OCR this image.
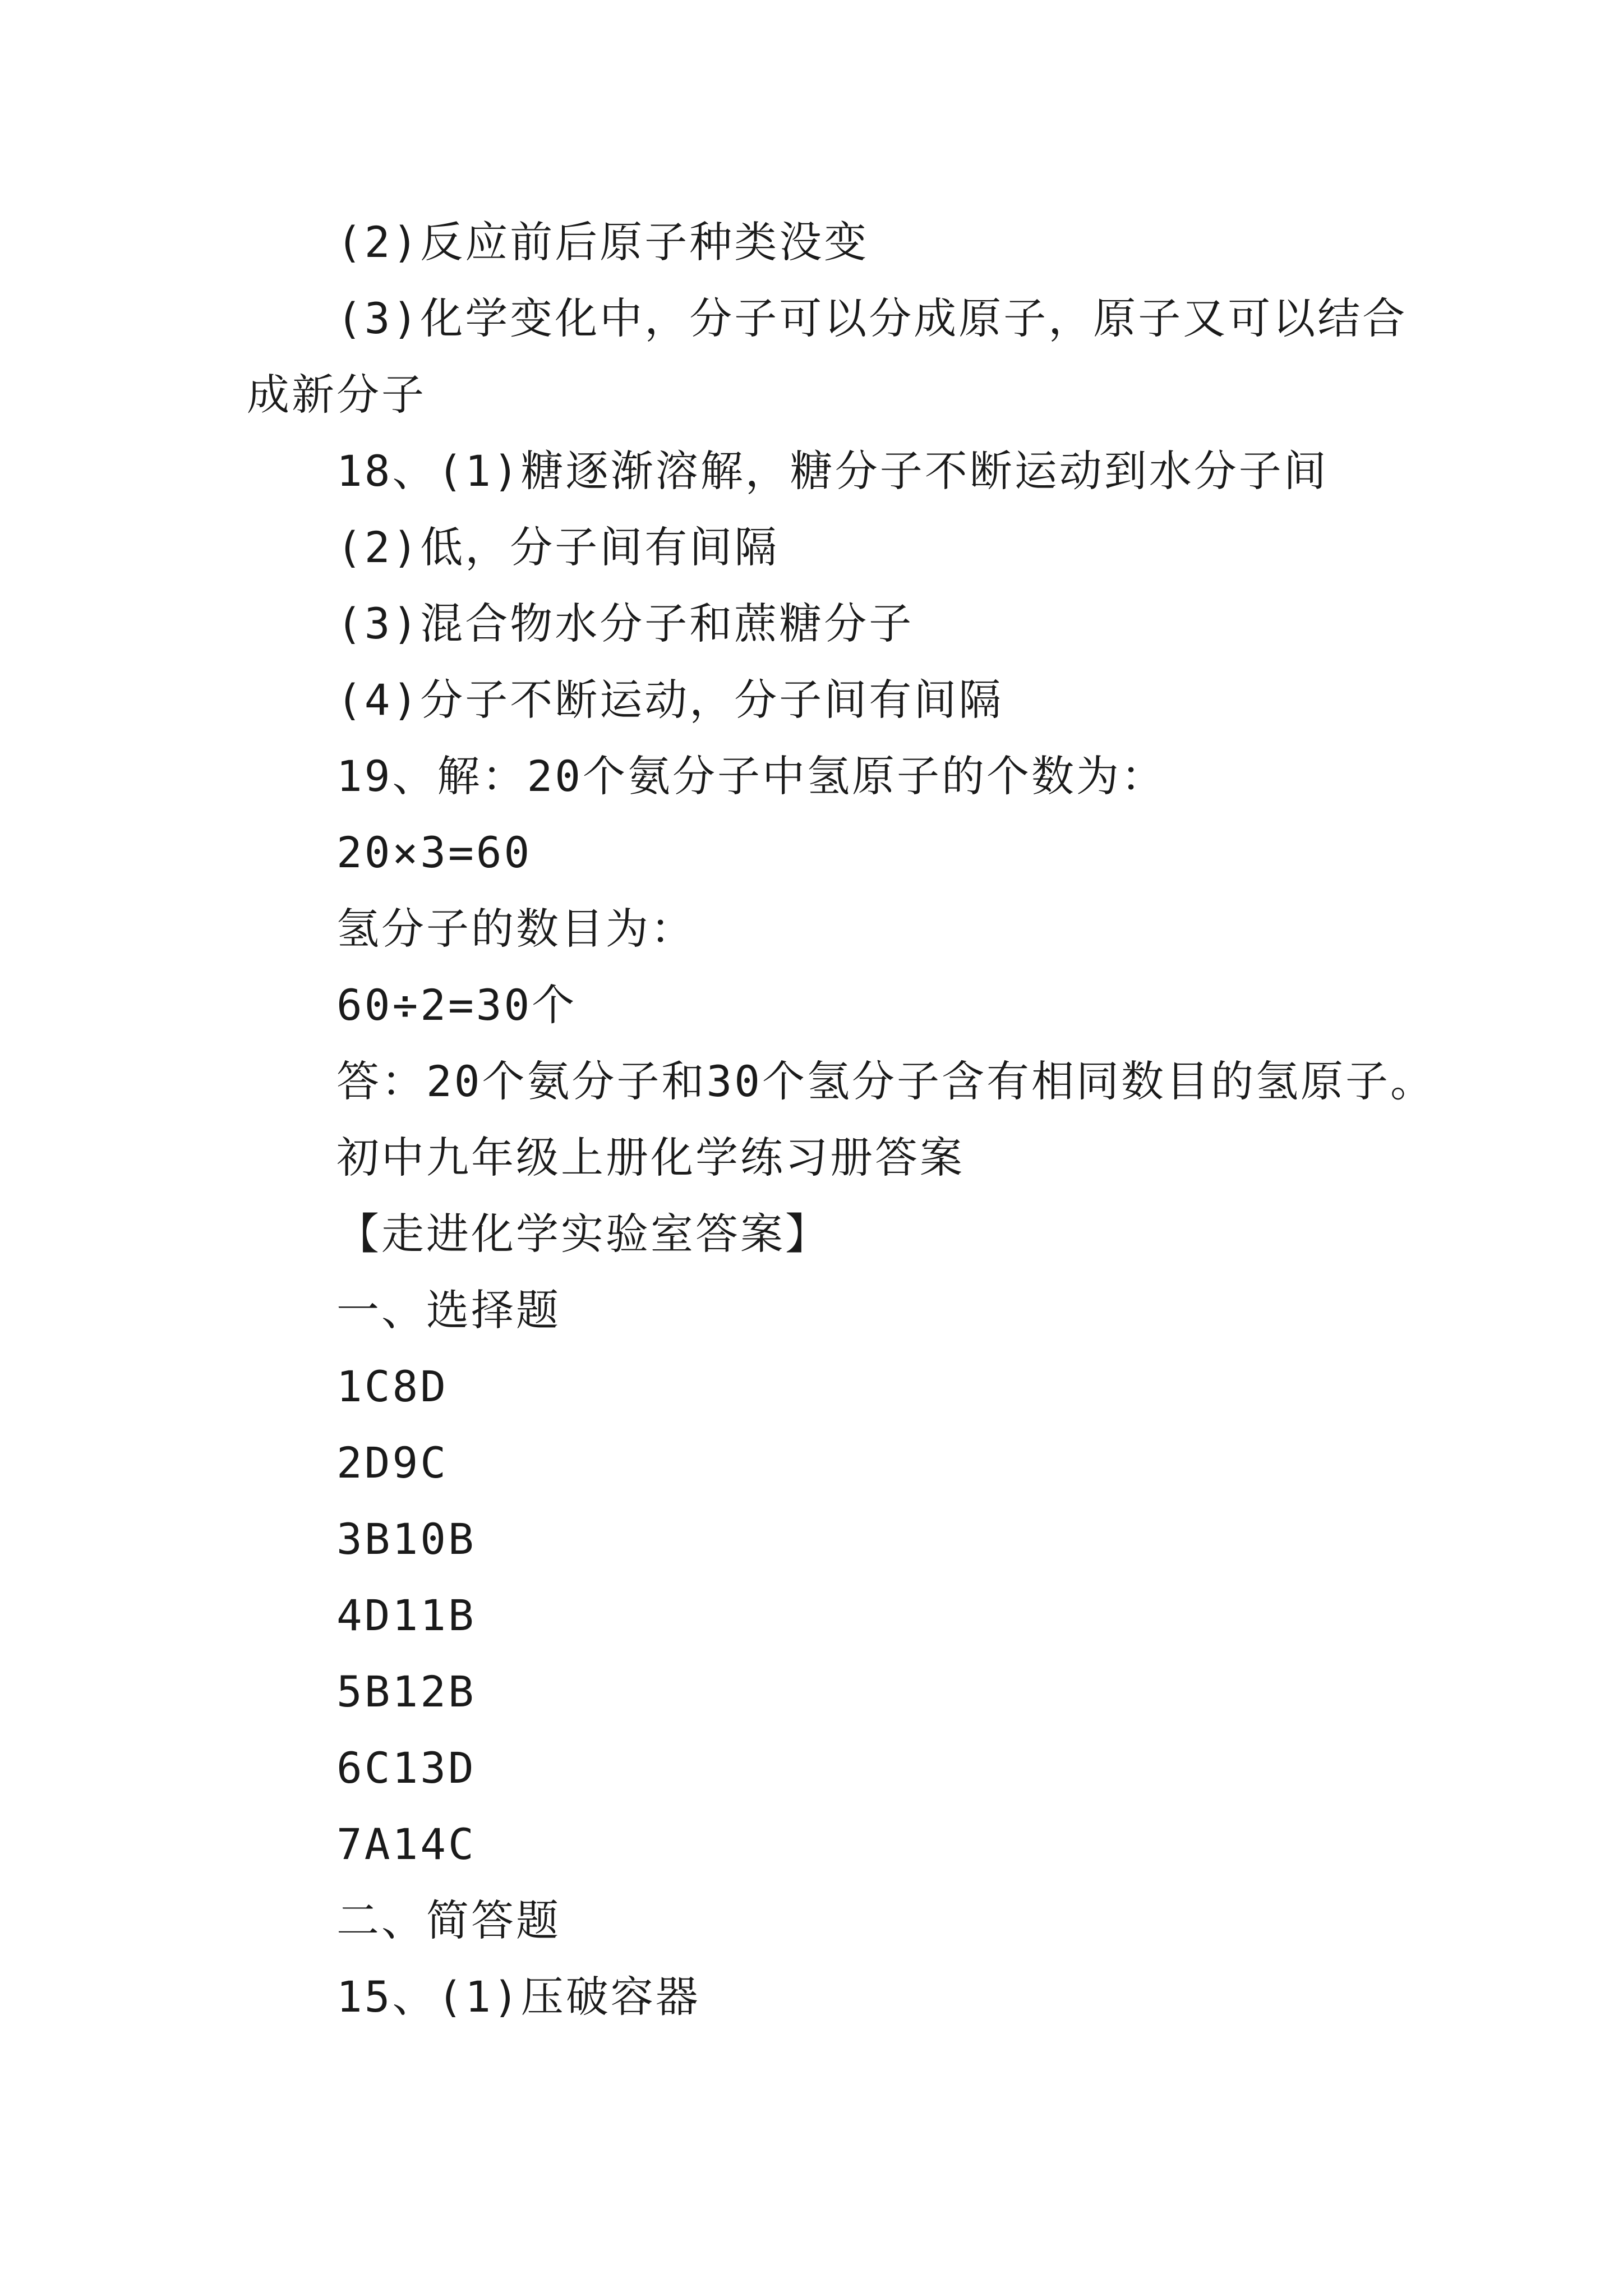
(2)反应前后原子种类没变
(3)化学变化中，分子可以分成原子，原子又可以结合
成新分子
18、(1)糖逐渐溶解，糖分子不断运动到水分子间
(2)低，分子间有间隔
(3)混合物水分子和蔗糖分子
(4)分子不断运动，分子间有间隔
19、解：20个氨分子中氢原子的个数为：
20×3=60
氢分子的数目为：
60÷2=30个
答：20个氨分子和30个氢分子含有相同数目的氢原子。
初中九年级上册化学练习册答案
【走进化学实验室答案】
一、选择题
1C8D
2D9C
3B10B
4D11B
5B12B
6C13D
7A14C
二、简答题
15、(1)压破容器
